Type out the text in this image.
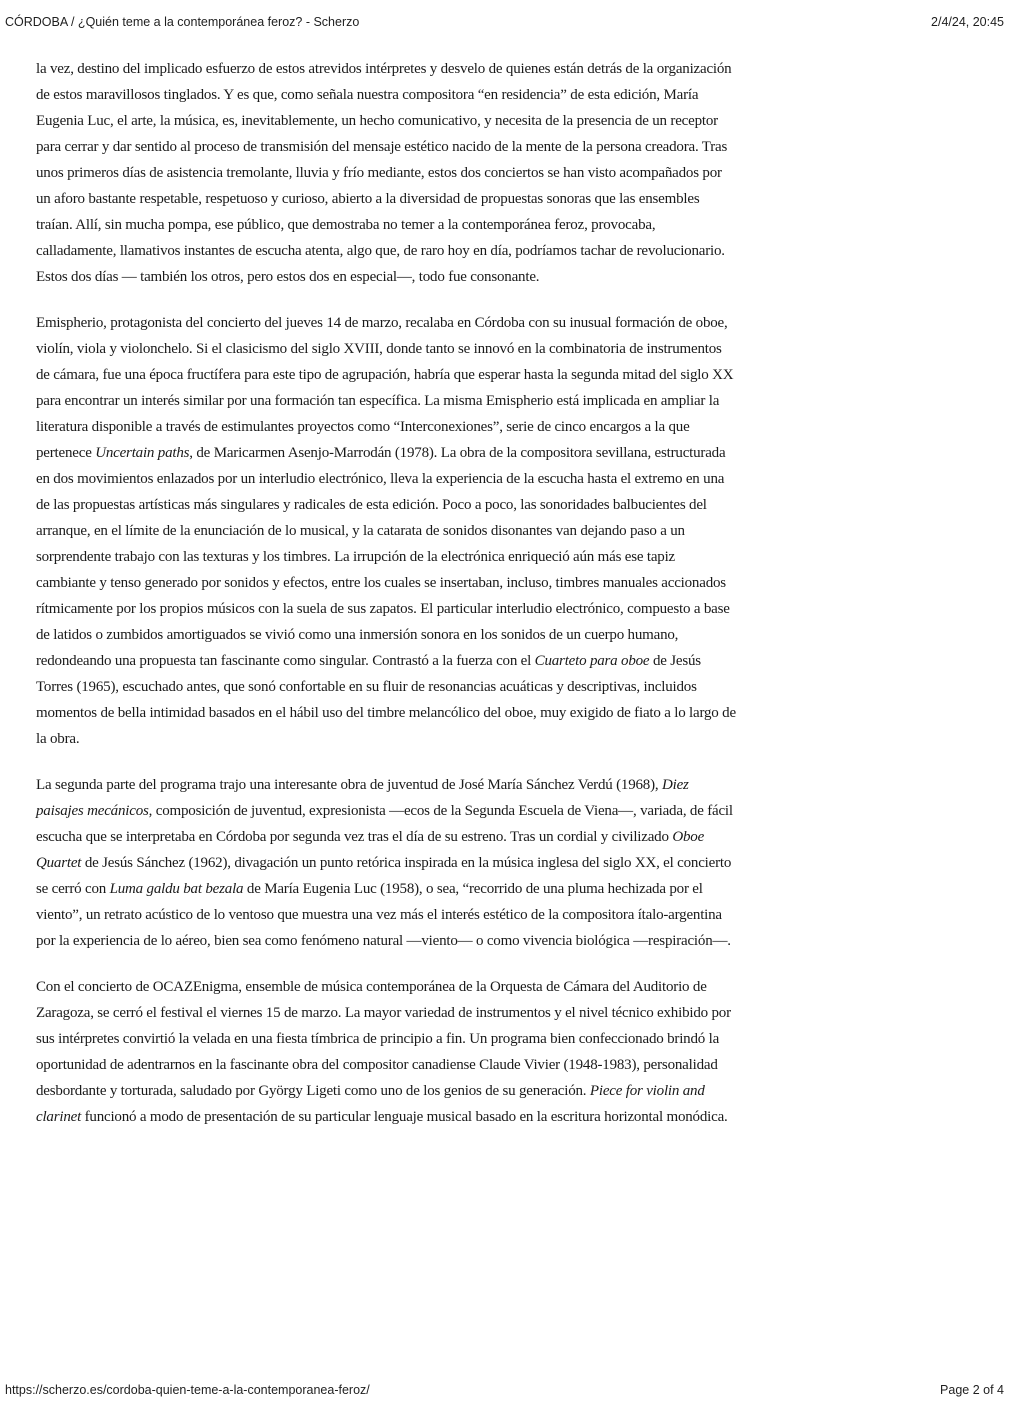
CÓRDOBA / ¿Quién teme a la contemporánea feroz? - Scherzo	2/4/24, 20:45

la vez, destino del implicado esfuerzo de estos atrevidos intérpretes y desvelo de quienes están detrás de la organización de estos maravillosos tinglados. Y es que, como señala nuestra compositora “en residencia” de esta edición, María Eugenia Luc, el arte, la música, es, inevitablemente, un hecho comunicativo, y necesita de la presencia de un receptor para cerrar y dar sentido al proceso de transmisión del mensaje estético nacido de la mente de la persona creadora. Tras unos primeros días de asistencia tremolante, lluvia y frío mediante, estos dos conciertos se han visto acompañados por un aforo bastante respetable, respetuoso y curioso, abierto a la diversidad de propuestas sonoras que las ensembles traían. Allí, sin mucha pompa, ese público, que demostraba no temer a la contemporánea feroz, provocaba, calladamente, llamativos instantes de escucha atenta, algo que, de raro hoy en día, podríamos tachar de revolucionario. Estos dos días — también los otros, pero estos dos en especial—, todo fue consonante.

Emispherio, protagonista del concierto del jueves 14 de marzo, recalaba en Córdoba con su inusual formación de oboe, violín, viola y violonchelo. Si el clasicismo del siglo XVIII, donde tanto se innovó en la combinatoria de instrumentos de cámara, fue una época fructífera para este tipo de agrupación, habría que esperar hasta la segunda mitad del siglo XX para encontrar un interés similar por una formación tan específica. La misma Emispherio está implicada en ampliar la literatura disponible a través de estimulantes proyectos como “Interconexiones”, serie de cinco encargos a la que pertenece Uncertain paths, de Maricarmen Asenjo-Marrodán (1978). La obra de la compositora sevillana, estructurada en dos movimientos enlazados por un interludio electrónico, lleva la experiencia de la escucha hasta el extremo en una de las propuestas artísticas más singulares y radicales de esta edición. Poco a poco, las sonoridades balbucientes del arranque, en el límite de la enunciación de lo musical, y la catarata de sonidos disonantes van dejando paso a un sorprendente trabajo con las texturas y los timbres. La irrupción de la electrónica enriqueció aún más ese tapiz cambiante y tenso generado por sonidos y efectos, entre los cuales se insertaban, incluso, timbres manuales accionados rítmicamente por los propios músicos con la suela de sus zapatos. El particular interludio electrónico, compuesto a base de latidos o zumbidos amortiguados se vivió como una inmersión sonora en los sonidos de un cuerpo humano, redondeando una propuesta tan fascinante como singular. Contrastó a la fuerza con el Cuarteto para oboe de Jesús Torres (1965), escuchado antes, que sonó confortable en su fluir de resonancias acuáticas y descriptivas, incluidos momentos de bella intimidad basados en el hábil uso del timbre melancólico del oboe, muy exigido de fiato a lo largo de la obra.

La segunda parte del programa trajo una interesante obra de juventud de José María Sánchez Verdú (1968), Diez paisajes mecánicos, composición de juventud, expresionista —ecos de la Segunda Escuela de Viena—, variada, de fácil escucha que se interpretaba en Córdoba por segunda vez tras el día de su estreno. Tras un cordial y civilizado Oboe Quartet de Jesús Sánchez (1962), divagación un punto retórica inspirada en la música inglesa del siglo XX, el concierto se cerró con Luma galdu bat bezala de María Eugenia Luc (1958), o sea, “recorrido de una pluma hechizada por el viento”, un retrato acústico de lo ventoso que muestra una vez más el interés estético de la compositora ítalo-argentina por la experiencia de lo aéreo, bien sea como fenómeno natural —viento— o como vivencia biológica —respiración—.

Con el concierto de OCAZEnigma, ensemble de música contemporánea de la Orquesta de Cámara del Auditorio de Zaragoza, se cerró el festival el viernes 15 de marzo. La mayor variedad de instrumentos y el nivel técnico exhibido por sus intérpretes convirtió la velada en una fiesta tímbrica de principio a fin. Un programa bien confeccionado brindó la oportunidad de adentrarnos en la fascinante obra del compositor canadiense Claude Vivier (1948-1983), personalidad desbordante y torturada, saludado por György Ligeti como uno de los genios de su generación. Piece for violin and clarinet funcionó a modo de presentación de su particular lenguaje musical basado en la escritura horizontal monódica.

https://scherzo.es/cordoba-quien-teme-a-la-contemporanea-feroz/	Page 2 of 4
